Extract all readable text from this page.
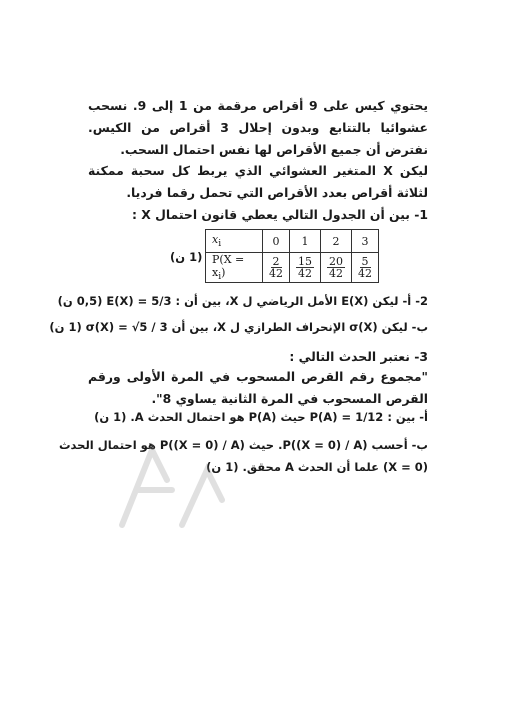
يحتوي كيس على 9 أقراص مرقمة من 1 إلى 9. نسحب عشوائيا بالتتابع وبدون إحلال 3 أقراص من الكيس. نفترض أن جميع الأقراص لها نفس احتمال السحب.
ليكن X المتغير العشوائي الذي يربط كل سحبة ممكنة لثلاثة أقراص بعدد الأقراص التي تحمل رقما فرديا.
1- بين أن الجدول التالي يعطي قانون احتمال X :
$x_i$	0	1	2	3
$P(X = x_i)$	$\frac{2}{42}$	$\frac{15}{42}$	$\frac{20}{42}$	$\frac{5}{42}$
(1 ن)
2- أ- ليكن E(X) الأمل الرياضي ل X، بين أن : E(X) = 5/3 (0,5 ن)
ب- ليكن σ(X) الإنحراف الطرازي ل X، بين أن σ(X) = √5 / 3 (1 ن)
3- نعتبر الحدث التالي :
"مجموع رقم القرص المسحوب في المرة الأولى ورقم القرص المسحوب في المرة الثانية يساوي 8".
أ- بين : P(A) = 1/12 حيث P(A) هو احتمال الحدث A. (1 ن)
ب- أحسب P((X = 0) / A). حيث P((X = 0) / A) هو احتمال الحدث
(X = 0) علما أن الحدث A محقق. (1 ن)
